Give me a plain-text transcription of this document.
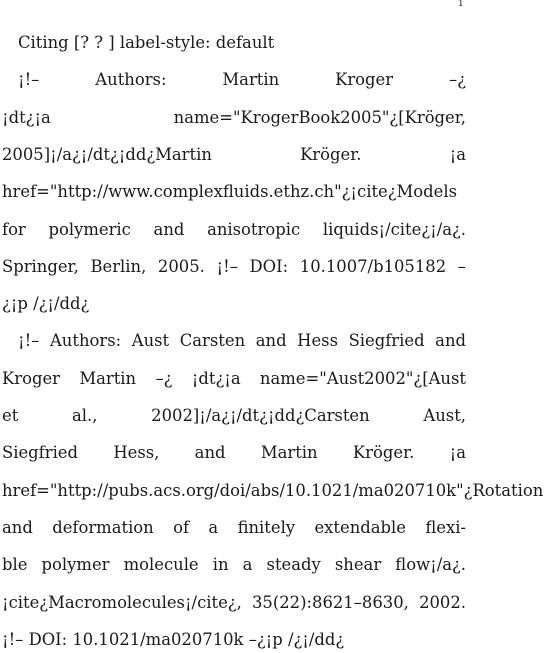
1
Citing [? ? ] label-style: default
¡!– Authors: Martin Kroger –¿
¡dt¿¡a name="KrogerBook2005"¿[Kröger,
2005]¡/a¿¡/dt¿¡dd¿Martin Kröger. ¡a
href="http://www.complexfluids.ethz.ch"¿¡cite¿Models
for polymeric and anisotropic liquids¡/cite¿¡/a¿.
Springer, Berlin, 2005. ¡!– DOI: 10.1007/b105182 –
¿¡p /¿¡/dd¿
¡!– Authors: Aust Carsten and Hess Siegfried and
Kroger Martin –¿ ¡dt¿¡a name="Aust2002"¿[Aust
et al., 2002]¡/a¿¡/dt¿¡dd¿Carsten Aust,
Siegfried Hess, and Martin Kröger. ¡a
href="http://pubs.acs.org/doi/abs/10.1021/ma020710k"¿Rotation
and deformation of a finitely extendable flexi-
ble polymer molecule in a steady shear flow¡/a¿.
¡cite¿Macromolecules¡/cite¿, 35(22):8621–8630, 2002.
¡!– DOI: 10.1021/ma020710k –¿¡p /¿¡/dd¿
